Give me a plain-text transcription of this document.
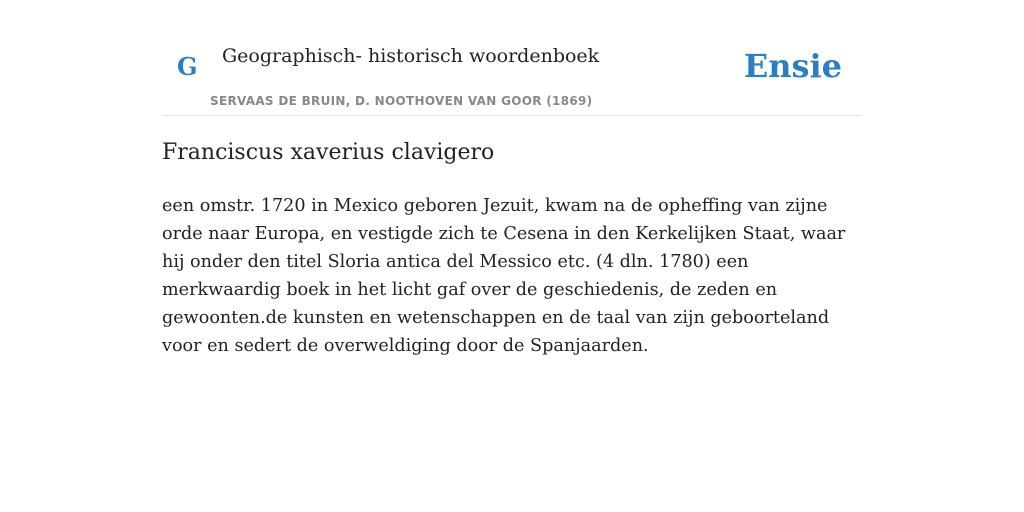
G Geographisch- historisch woordenboek
SERVAAS DE BRUIN, D. NOOTHOVEN VAN GOOR (1869)
Ensie
Franciscus xaverius clavigero

een omstr. 1720 in Mexico geboren Jezuit, kwam na de opheffing van zijne orde naar Europa, en vestigde zich te Cesena in den Kerkelijken Staat, waar hij onder den titel Sloria antica del Messico etc. (4 dln. 1780) een merkwaardig boek in het licht gaf over de geschiedenis, de zeden en gewoonten.de kunsten en wetenschappen en de taal van zijn geboorteland voor en sedert de overweldiging door de Spanjaarden.
